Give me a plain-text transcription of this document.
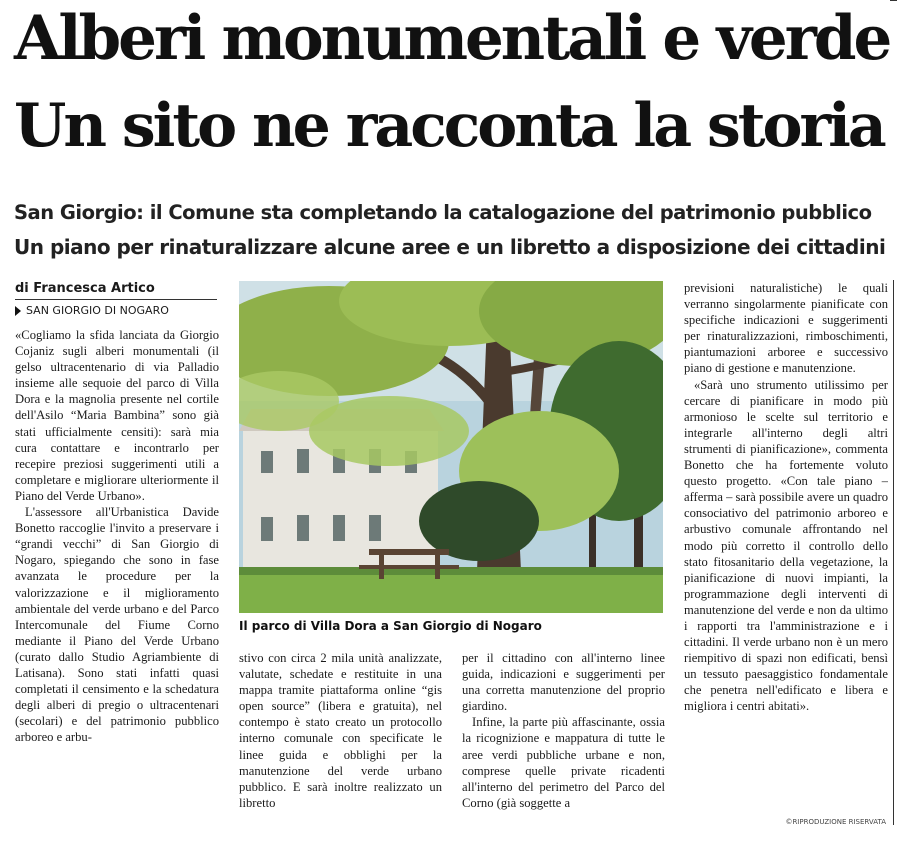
Alberi monumentali e verde
Un sito ne racconta la storia
San Giorgio: il Comune sta completando la catalogazione del patrimonio pubblico
Un piano per rinaturalizzare alcune aree e un libretto a disposizione dei cittadini
di Francesca Artico
SAN GIORGIO DI NOGARO

«Cogliamo la sfida lanciata da Giorgio Cojaniz sugli alberi monumentali (il gelso ultracentenario di via Palladio insieme alle sequoie del parco di Villa Dora e la magnolia presente nel cortile dell'Asilo “Maria Bambina” sono già stati ufficialmente censiti): sarà mia cura contattare e incontrarlo per recepire preziosi suggerimenti utili a completare e migliorare ulteriormente il Piano del Verde Urbano».

L'assessore all'Urbanistica Davide Bonetto raccoglie l'invito a preservare i “grandi vecchi” di San Giorgio di Nogaro, spiegando che sono in fase avanzata le procedure per la valorizzazione e il miglioramento ambientale del verde urbano e del Parco Intercomunale del Fiume Corno mediante il Piano del Verde Urbano (curato dallo Studio Agriambiente di Latisana). Sono stati infatti quasi completati il censimento e la schedatura degli alberi di pregio o ultracentenari (secolari) e del patrimonio pubblico arboreo e arbu-

Il parco di Villa Dora a San Giorgio di Nogaro

stivo con circa 2 mila unità analizzate, valutate, schedate e restituite in una mappa tramite piattaforma online “gis open source” (libera e gratuita), nel contempo è stato creato un protocollo interno comunale con specificate le linee guida e obblighi per la manutenzione del verde urbano pubblico. E sarà inoltre realizzato un libretto

per il cittadino con all'interno linee guida, indicazioni e suggerimenti per una corretta manutenzione del proprio giardino.

Infine, la parte più affascinante, ossia la ricognizione e mappatura di tutte le aree verdi pubbliche urbane e non, comprese quelle private ricadenti all'interno del perimetro del Parco del Corno (già soggette a

previsioni naturalistiche) le quali verranno singolarmente pianificate con specifiche indicazioni e suggerimenti per rinaturalizzazioni, rimboschimenti, piantumazioni arboree e successivo piano di gestione e manutenzione.

«Sarà uno strumento utilissimo per cercare di pianificare in modo più armonioso le scelte sul territorio e integrarle all'interno degli altri strumenti di pianificazione», commenta Bonetto che ha fortemente voluto questo progetto. «Con tale piano – afferma – sarà possibile avere un quadro consociativo del patrimonio arboreo e arbustivo comunale affrontando nel modo più corretto il controllo dello stato fitosanitario della vegetazione, la pianificazione di nuovi impianti, la programmazione degli interventi di manutenzione del verde e non da ultimo i rapporti tra l'amministrazione e i cittadini. Il verde urbano non è un mero riempitivo di spazi non edificati, bensì un tessuto paesaggistico fondamentale che penetra nell'edificato e libera e migliora i centri abitati».

©RIPRODUZIONE RISERVATA
